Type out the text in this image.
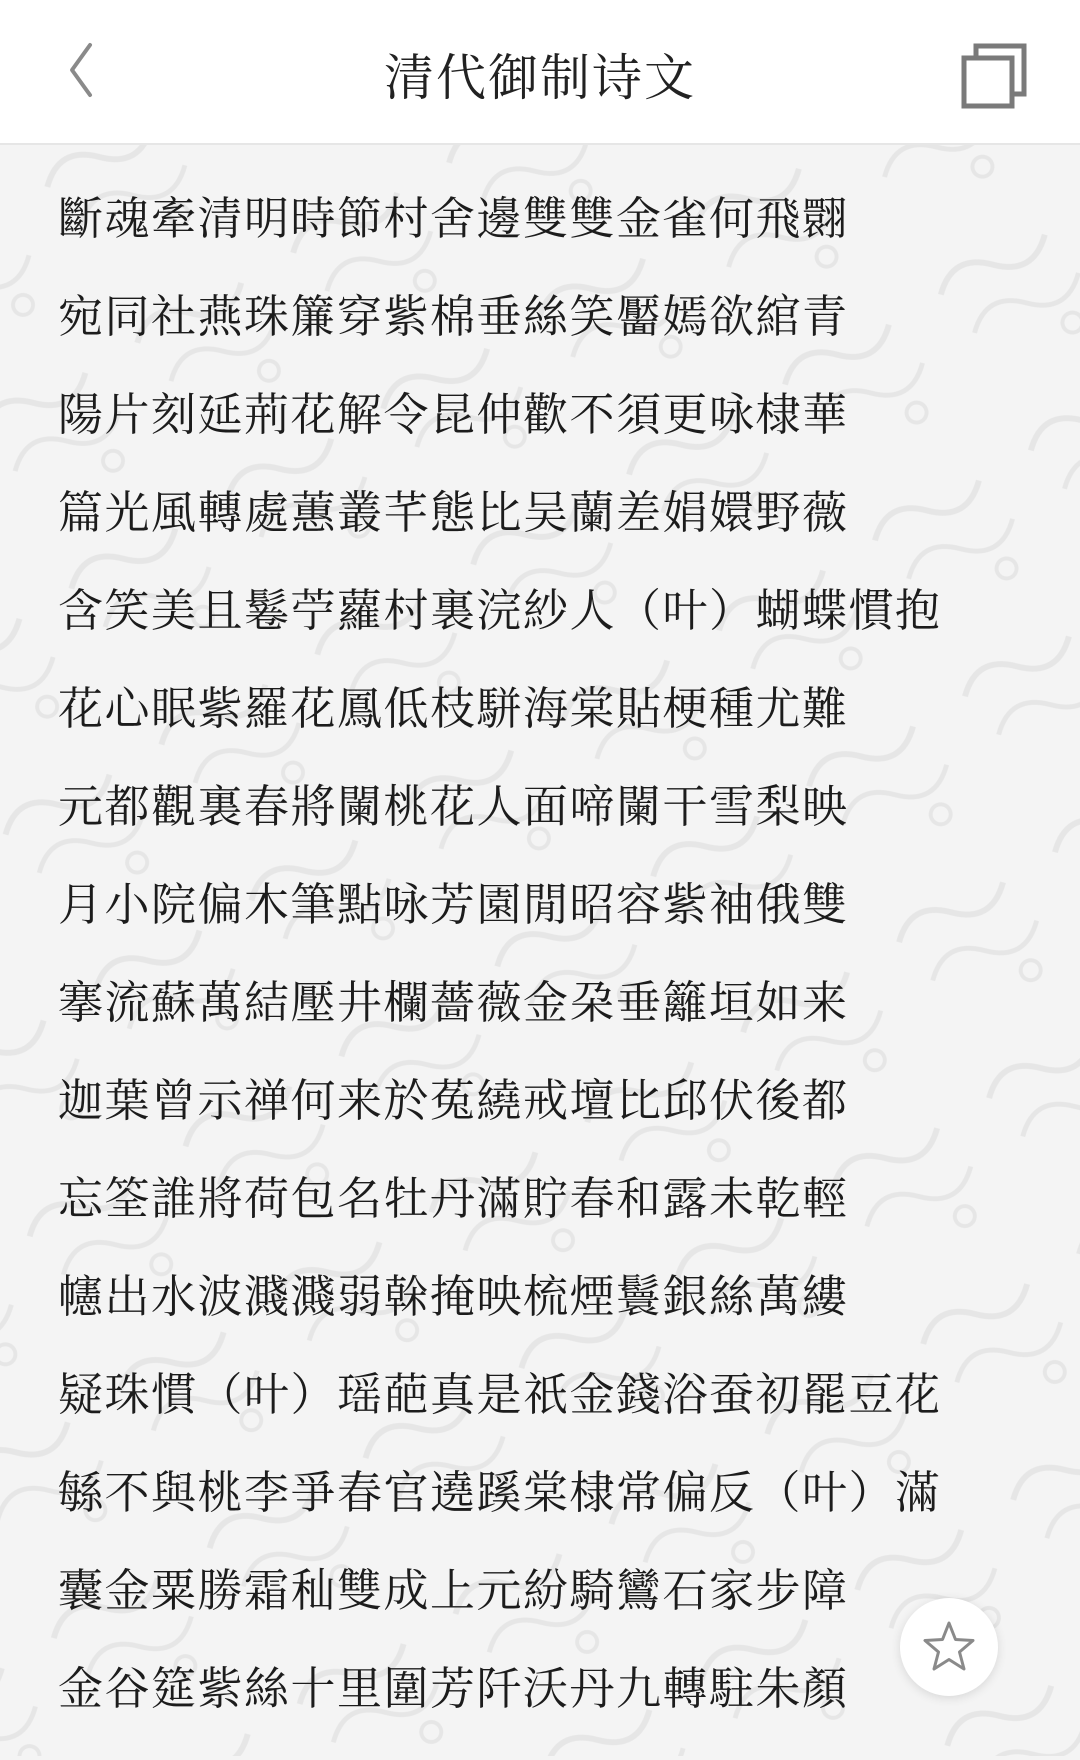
清代御制诗文
斷魂牽清明時節村舍邊雙雙金雀何飛翾
宛同社燕珠簾穿紫棉垂絲笑靨嫣欲綰青
陽片刻延荊花解令昆仲歡不須更咏棣華
篇光風轉處蕙叢芊態比吴蘭差娟嬛野薇
含笑美且鬈苧蘿村裏浣紗人（叶）蝴蝶慣抱
花心眠紫羅花鳳低枝駢海棠貼梗種尤難
元都觀裏春將闌桃花人面啼闌干雪梨映
月小院偏木筆點咏芳園閒昭容紫袖俄雙
搴流蘇萬結壓井欄薔薇金朶垂籬垣如来
迦葉曾示禅何来於菟繞戒壇比邱伏後都
忘筌誰將荷包名牡丹滿貯春和露未乾輕
幰出水波濺濺弱榦掩映梳煙鬟銀絲萬縷
疑珠慣（叶）瑶葩真是祇金錢浴蚕初罷豆花
緐不與桃李爭春官遶蹊棠棣常偏反（叶）滿
囊金粟勝霜秈雙成上元紛騎鸞石家步障
金谷筵紫絲十里圍芳阡沃丹九轉駐朱顏
